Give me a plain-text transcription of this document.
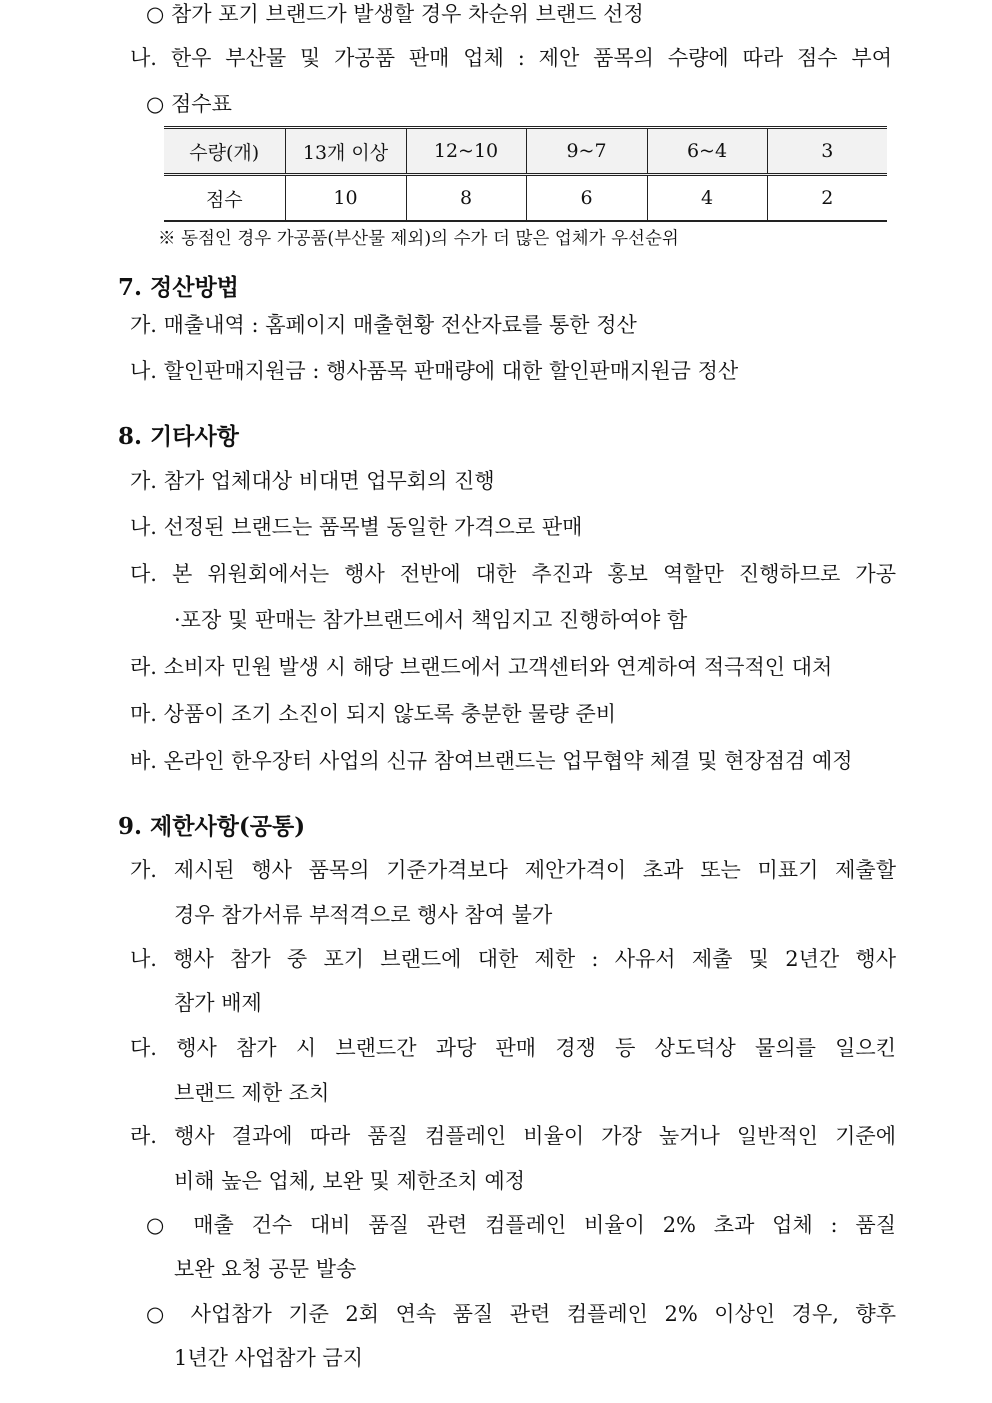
○ 참가 포기 브랜드가 발생할 경우 차순위 브랜드 선정
나. 한우 부산물 및 가공품 판매 업체 : 제안 품목의 수량에 따라 점수 부여
○ 점수표
수량(개)	13개 이상	12~10	9~7	6~4	3
점수	10	8	6	4	2
※ 동점인 경우 가공품(부산물 제외)의 수가 더 많은 업체가 우선순위
7. 정산방법
가. 매출내역 : 홈페이지 매출현황 전산자료를 통한 정산
나. 할인판매지원금 : 행사품목 판매량에 대한 할인판매지원금 정산
8. 기타사항
가. 참가 업체대상 비대면 업무회의 진행
나. 선정된 브랜드는 품목별 동일한 가격으로 판매
다. 본 위원회에서는 행사 전반에 대한 추진과 홍보 역할만 진행하므로 가공
·포장 및 판매는 참가브랜드에서 책임지고 진행하여야 함
라. 소비자 민원 발생 시 해당 브랜드에서 고객센터와 연계하여 적극적인 대처
마. 상품이 조기 소진이 되지 않도록 충분한 물량 준비
바. 온라인 한우장터 사업의 신규 참여브랜드는 업무협약 체결 및 현장점검 예정
9. 제한사항(공통)
가. 제시된 행사 품목의 기준가격보다 제안가격이 초과 또는 미표기 제출할
경우 참가서류 부적격으로 행사 참여 불가
나. 행사 참가 중 포기 브랜드에 대한 제한 : 사유서 제출 및 2년간 행사
참가 배제
다. 행사 참가 시 브랜드간 과당 판매 경쟁 등 상도덕상 물의를 일으킨
브랜드 제한 조치
라. 행사 결과에 따라 품질 컴플레인 비율이 가장 높거나 일반적인 기준에
비해 높은 업체, 보완 및 제한조치 예정
○ 매출 건수 대비 품질 관련 컴플레인 비율이 2% 초과 업체 : 품질
보완 요청 공문 발송
○ 사업참가 기준 2회 연속 품질 관련 컴플레인 2% 이상인 경우, 향후
1년간 사업참가 금지
